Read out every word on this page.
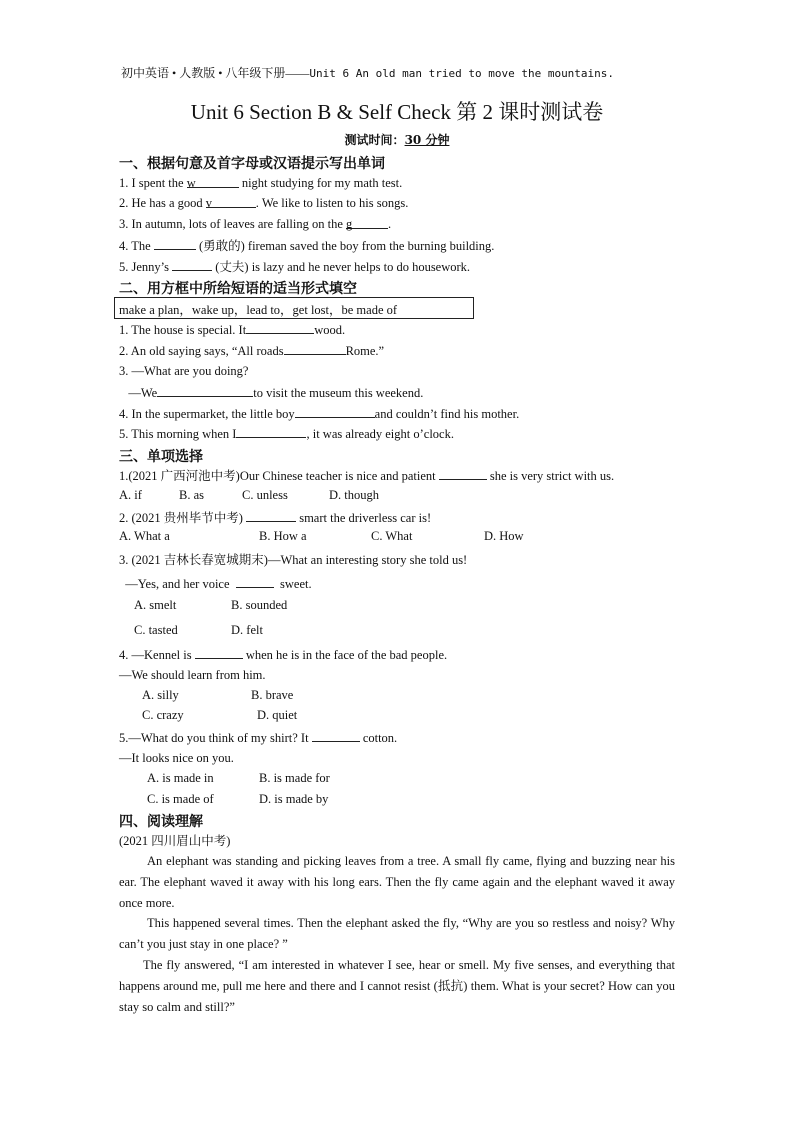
初中英语 • 人教版 • 八年级下册——Unit 6 An old man tried to move the mountains.
Unit 6 Section B & Self Check 第 2 课时测试卷
测试时间：30 分钟
一、根据句意及首字母或汉语提示写出单词
1. I spent the w	night studying for my math test.
2. He has a good v	. We like to listen to his songs.
3. In autumn, lots of leaves are falling on the g	.
4. The	(勇敢的) fireman saved the boy from the burning building.
5. Jenny’s	(丈夫) is lazy and he never helps to do housework.
二、用方框中所给短语的适当形式填空
make a plan，wake up，lead to，get lost，be made of
1. The house is special. It	wood.
2. An old saying says, “All roads	Rome.”
3. —What are you doing?
—We	to visit the museum this weekend.
4. In the supermarket, the little boy	and couldn’t find his mother.
5. This morning when I	, it was already eight o’clock.
三、单项选择
1.(2021 广西河池中考)Our Chinese teacher is nice and patient	she is very strict with us.
A. if	B. as	C. unless	D. though
2. (2021 贵州毕节中考)	smart the driverless car is!
A. What a	B. How a	C. What	D. How
3. (2021 吉林长春宽城期末)—What an interesting story she told us!
—Yes, and her voice	sweet.
A. smelt	B. sounded
C. tasted	D. felt
4. —Kennel is	when he is in the face of the bad people.
—We should learn from him.
A. silly	B. brave
C. crazy	D. quiet
5.—What do you think of my shirt? It	cotton.
—It looks nice on you.
A. is made in	B. is made for
C. is made of	D. is made by
四、阅读理解
(2021 四川眉山中考)

An elephant was standing and picking leaves from a tree. A small fly came, flying and buzzing near his ear. The elephant waved it away with his long ears. Then the fly came again and the elephant waved it away once more.

This happened several times. Then the elephant asked the fly, “Why are you so restless and noisy? Why can’t you just stay in one place? ”

The fly answered, “I am interested in whatever I see, hear or smell. My five senses, and everything that happens around me, pull me here and there and I cannot resist (抵抗) them. What is your secret? How can you stay so calm and still?”
